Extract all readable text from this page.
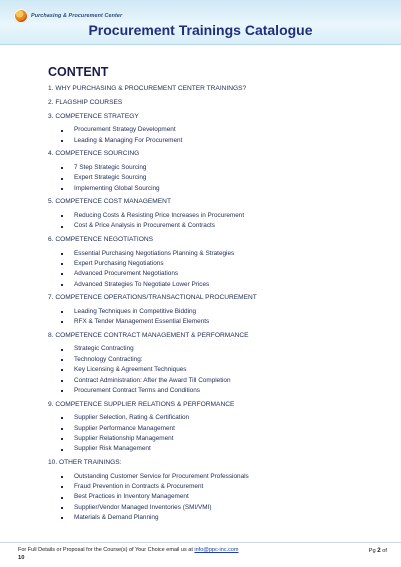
Purchasing & Procurement Center
Procurement Trainings Catalogue
CONTENT
1. WHY PURCHASING & PROCUREMENT CENTER TRAININGS?
2. FLAGSHIP COURSES
3. COMPETENCE STRATEGY
Procurement Strategy Development
Leading & Managing For Procurement
4. COMPETENCE SOURCING
7 Step Strategic Sourcing
Expert Strategic Sourcing
Implementing Global Sourcing
5. COMPETENCE COST MANAGEMENT
Reducing Costs & Resisting Price Increases in Procurement
Cost & Price Analysis in Procurement & Contracts
6. COMPETENCE NEGOTIATIONS
Essential Purchasing Negotiations Planning & Strategies
Expert Purchasing Negotiations
Advanced Procurement Negotiations
Advanced Strategies To Negotiate Lower Prices
7. COMPETENCE OPERATIONS/TRANSACTIONAL PROCUREMENT
Leading Techniques in Competitive Bidding
RFX & Tender Management Essential Elements
8. COMPETENCE CONTRACT MANAGEMENT & PERFORMANCE
Strategic Contracting
Technology Contracting:
Key Licensing & Agreement Techniques
Contract Administration: After the Award Till Completion
Procurement Contract Terms and Conditions
9. COMPETENCE SUPPLIER RELATIONS & PERFORMANCE
Supplier Selection, Rating & Certification
Supplier Performance Management
Supplier Relationship Management
Supplier Risk Management
10. OTHER TRAININGS:
Outstanding Customer Service for Procurement Professionals
Fraud Prevention in Contracts & Procurement
Best Practices in Inventory Management
Supplier/Vendor Managed Inventories (SMI/VMI)
Materials & Demand Planning
For Full Details or Proposal for the Course(s) of Your Choice email us at info@ppc-inc.com	Pg 2 of
10
